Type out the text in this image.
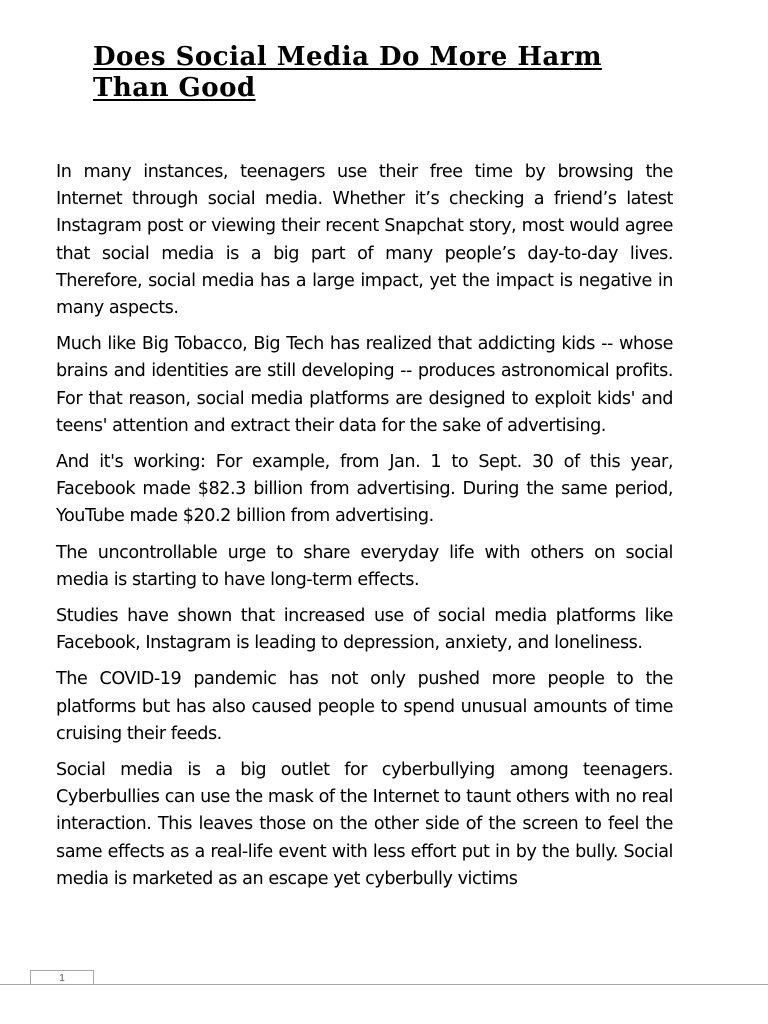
Does Social Media Do More Harm Than Good

In many instances, teenagers use their free time by browsing the Internet through social media. Whether it’s checking a friend’s latest Instagram post or viewing their recent Snapchat story, most would agree that social media is a big part of many people’s day-to-day lives. Therefore, social media has a large impact, yet the impact is negative in many aspects.

Much like Big Tobacco, Big Tech has realized that addicting kids -- whose brains and identities are still developing -- produces astronomical profits. For that reason, social media platforms are designed to exploit kids' and teens' attention and extract their data for the sake of advertising.

And it's working: For example, from Jan. 1 to Sept. 30 of this year, Facebook made $82.3 billion from advertising. During the same period, YouTube made $20.2 billion from advertising.

The uncontrollable urge to share everyday life with others on social media is starting to have long-term effects.

Studies have shown that increased use of social media platforms like Facebook, Instagram is leading to depression, anxiety, and loneliness.

The COVID-19 pandemic has not only pushed more people to the platforms but has also caused people to spend unusual amounts of time cruising their feeds.

Social media is a big outlet for cyberbullying among teenagers. Cyberbullies can use the mask of the Internet to taunt others with no real interaction. This leaves those on the other side of the screen to feel the same effects as a real-life event with less effort put in by the bully. Social media is marketed as an escape yet cyberbully victims

1
